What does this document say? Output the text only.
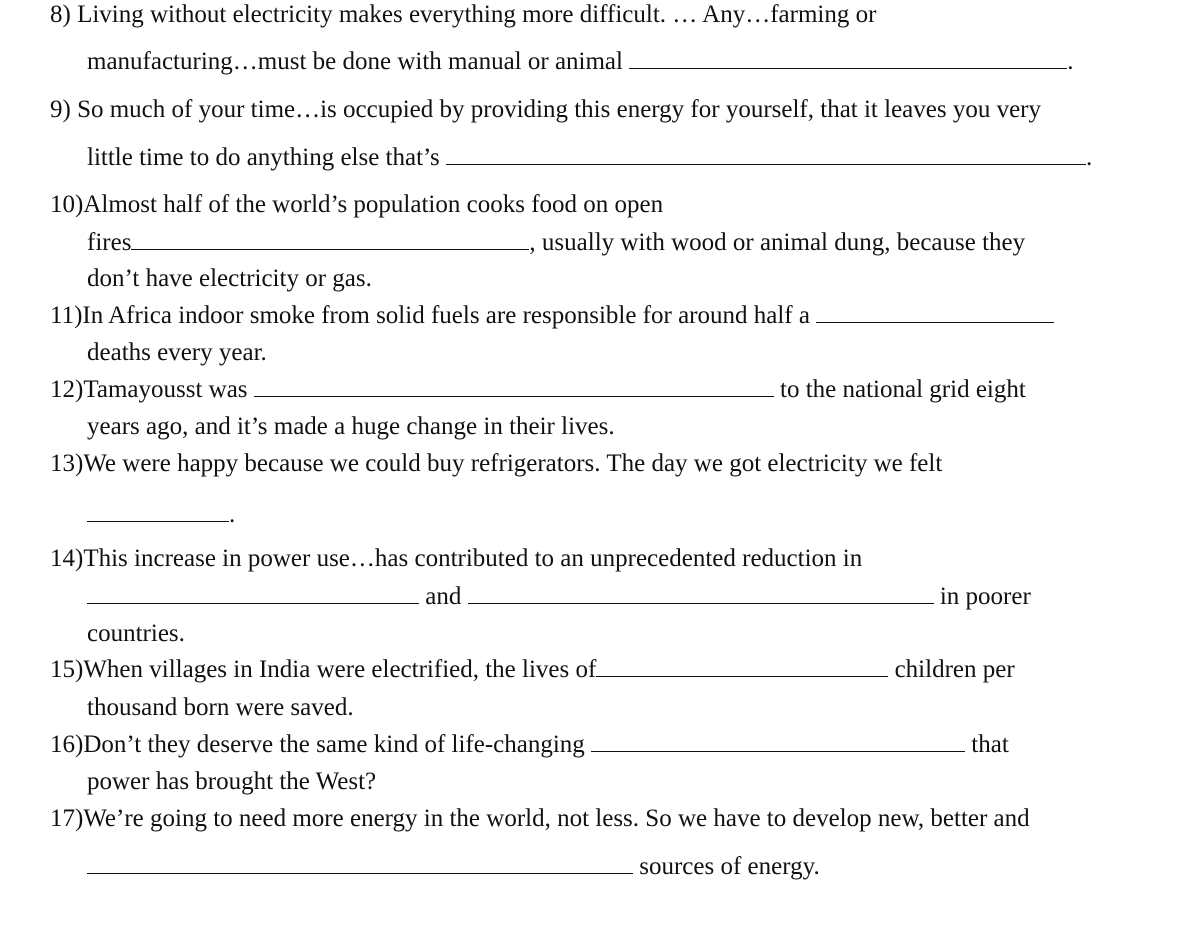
8) Living without electricity makes everything more difficult. … Any…farming or
manufacturing…must be done with manual or animal	.
9) So much of your time…is occupied by providing this energy for yourself, that it leaves you very
little time to do anything else that’s	.
10)Almost half of the world’s population cooks food on open
fires	, usually with wood or animal dung, because they
don’t have electricity or gas.
11)In Africa indoor smoke from solid fuels are responsible for around half a
deaths every year.
12)Tamayousst was	to the national grid eight
years ago, and it’s made a huge change in their lives.
13)We were happy because we could buy refrigerators. The day we got electricity we felt
.
14)This increase in power use…has contributed to an unprecedented reduction in
and	in poorer
countries.
15)When villages in India were electrified, the lives of	children per
thousand born were saved.
16)Don’t they deserve the same kind of life-changing	that
power has brought the West?
17)We’re going to need more energy in the world, not less. So we have to develop new, better and
sources of energy.
